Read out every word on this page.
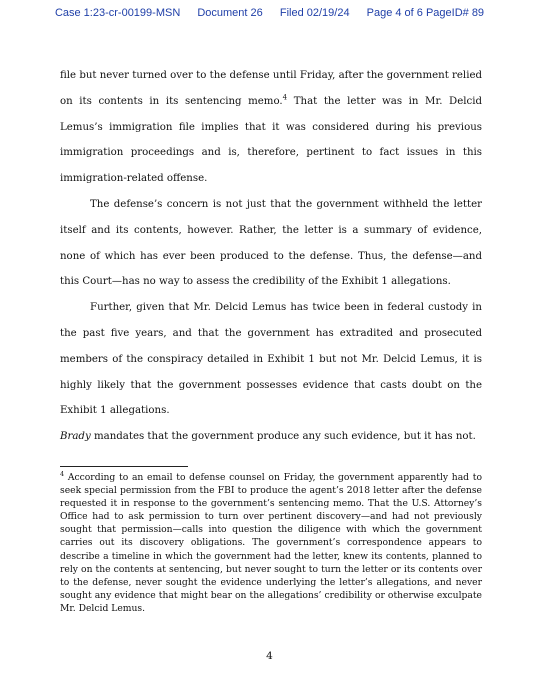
Case 1:23-cr-00199-MSN Document 26 Filed 02/19/24 Page 4 of 6 PageID# 89

file but never turned over to the defense until Friday, after the government relied on its contents in its sentencing memo.$^4$ That the letter was in Mr. Delcid Lemus’s immigration file implies that it was considered during his previous immigration proceedings and is, therefore, pertinent to fact issues in this immigration-related offense.

The defense’s concern is not just that the government withheld the letter itself and its contents, however. Rather, the letter is a summary of evidence, none of which has ever been produced to the defense. Thus, the defense—and this Court—has no way to assess the credibility of the Exhibit 1 allegations.

Further, given that Mr. Delcid Lemus has twice been in federal custody in the past five years, and that the government has extradited and prosecuted members of the conspiracy detailed in Exhibit 1 but not Mr. Delcid Lemus, it is highly likely that the government possesses evidence that casts doubt on the Exhibit 1 allegations.
Brady mandates that the government produce any such evidence, but it has not.

$^4$ According to an email to defense counsel on Friday, the government apparently had to seek special permission from the FBI to produce the agent’s 2018 letter after the defense requested it in response to the government’s sentencing memo. That the U.S. Attorney’s Office had to ask permission to turn over pertinent discovery—and had not previously sought that permission—calls into question the diligence with which the government carries out its discovery obligations. The government’s correspondence appears to describe a timeline in which the government had the letter, knew its contents, planned to rely on the contents at sentencing, but never sought to turn the letter or its contents over to the defense, never sought the evidence underlying the letter’s allegations, and never sought any evidence that might bear on the allegations’ credibility or otherwise exculpate Mr. Delcid Lemus.
4
